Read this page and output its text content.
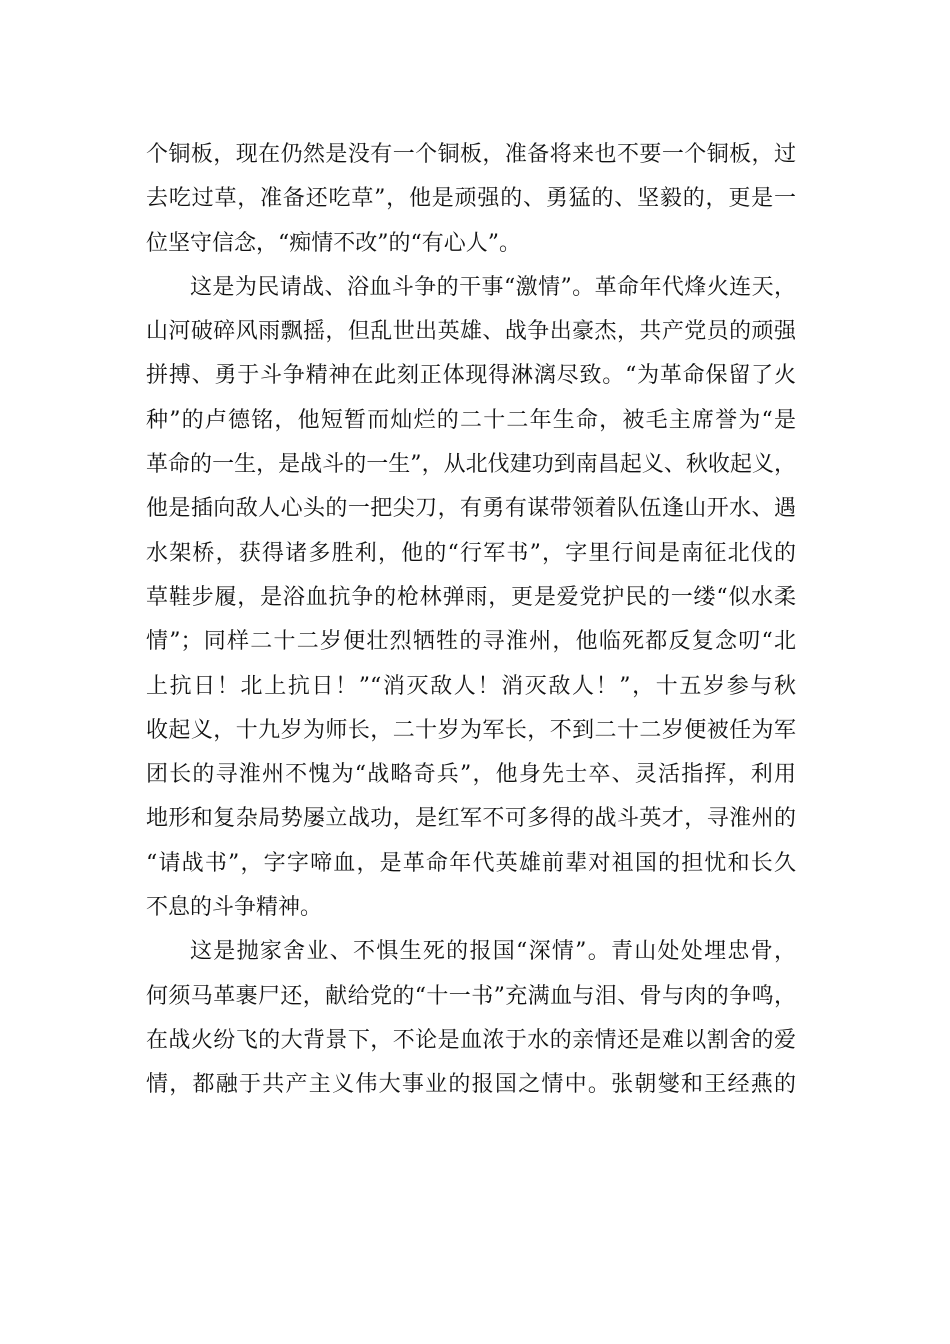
个铜板，现在仍然是没有一个铜板，准备将来也不要一个铜板，过
去吃过草，准备还吃草”，他是顽强的、勇猛的、坚毅的，更是一
位坚守信念，“痴情不改”的“有心人”。
这是为民请战、浴血斗争的干事“激情”。革命年代烽火连天，
山河破碎风雨飘摇，但乱世出英雄、战争出豪杰，共产党员的顽强
拼搏、勇于斗争精神在此刻正体现得淋漓尽致。“为革命保留了火
种”的卢德铭，他短暂而灿烂的二十二年生命，被毛主席誉为“是
革命的一生，是战斗的一生”，从北伐建功到南昌起义、秋收起义，
他是插向敌人心头的一把尖刀，有勇有谋带领着队伍逢山开水、遇
水架桥，获得诸多胜利，他的“行军书”，字里行间是南征北伐的
草鞋步履，是浴血抗争的枪林弹雨，更是爱党护民的一缕“似水柔
情”；同样二十二岁便壮烈牺牲的寻淮州，他临死都反复念叨“北
上抗日！北上抗日！”“消灭敌人！消灭敌人！”，十五岁参与秋
收起义，十九岁为师长，二十岁为军长，不到二十二岁便被任为军
团长的寻淮州不愧为“战略奇兵”，他身先士卒、灵活指挥，利用
地形和复杂局势屡立战功，是红军不可多得的战斗英才，寻淮州的
“请战书”，字字啼血，是革命年代英雄前辈对祖国的担忧和长久
不息的斗争精神。
这是抛家舍业、不惧生死的报国“深情”。青山处处埋忠骨，
何须马革裹尸还，献给党的“十一书”充满血与泪、骨与肉的争鸣，
在战火纷飞的大背景下，不论是血浓于水的亲情还是难以割舍的爱
情，都融于共产主义伟大事业的报国之情中。张朝燮和王经燕的
